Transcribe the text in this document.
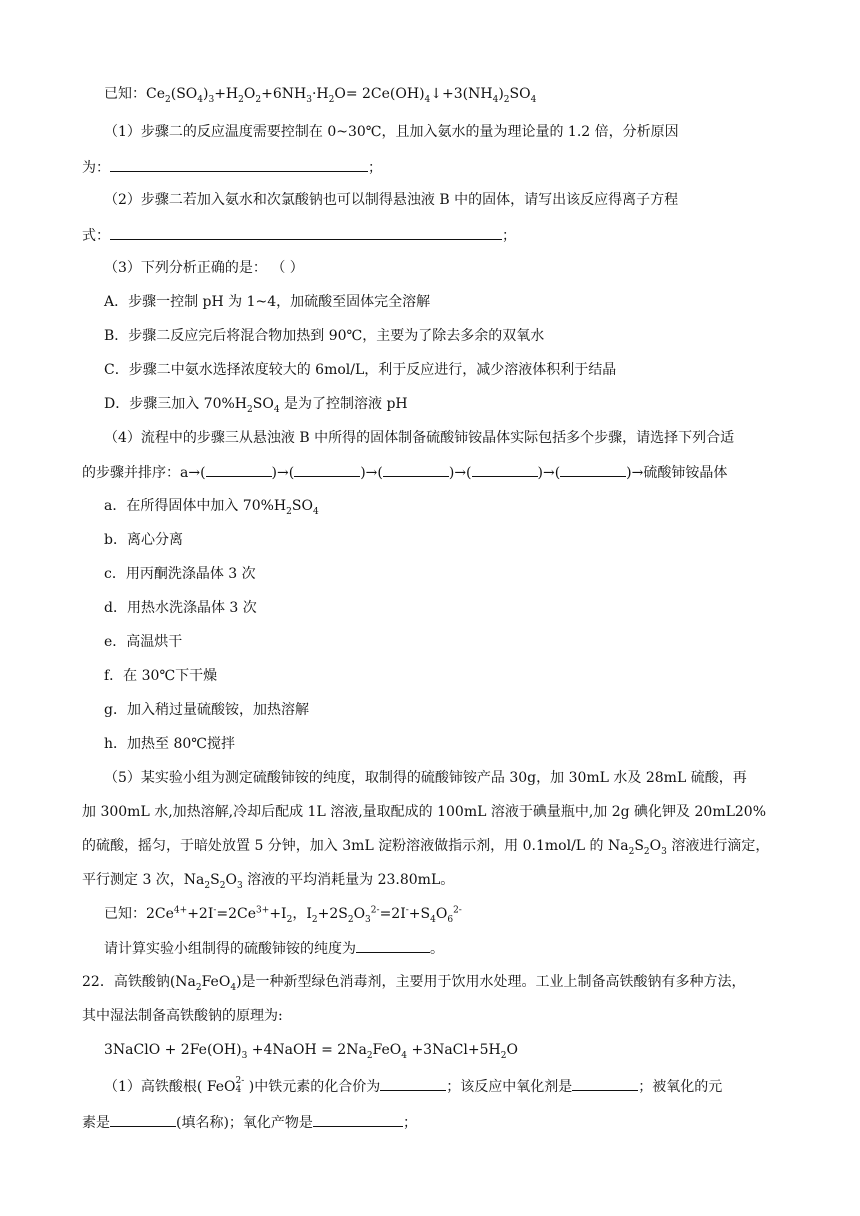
已知：$Ce_2(SO_4)_3+H_2O_2+6NH_3\cdot H_2O=$ $2Ce(OH)_4↓+3(NH_4)_2SO_4$
（1）步骤二的反应温度需要控制在 0~30℃，且加入氨水的量为理论量的 1.2 倍，分析原因
为：	；
（2）步骤二若加入氨水和次氯酸钠也可以制得悬浊液 B 中的固体，请写出该反应得离子方程
式：	；
（3）下列分析正确的是： （ ）
A．步骤一控制 pH 为 1~4，加硫酸至固体完全溶解
B．步骤二反应完后将混合物加热到 90℃，主要为了除去多余的双氧水
C．步骤二中氨水选择浓度较大的 6mol/L，利于反应进行，减少溶液体积利于结晶
D．步骤三加入 $70\%H_2SO_4$ 是为了控制溶液 pH
（4）流程中的步骤三从悬浊液 B 中所得的固体制备硫酸铈铵晶体实际包括多个步骤，请选择下列合适
的步骤并排序：a→(	)→(	)→(	)→(	)→(	)→硫酸铈铵晶体
a．在所得固体中加入 $70\%H_2SO_4$
b．离心分离
c．用丙酮洗涤晶体 3 次
d．用热水洗涤晶体 3 次
e．高温烘干
f．在 30℃下干燥
g．加入稍过量硫酸铵，加热溶解
h．加热至 80℃搅拌
（5）某实验小组为测定硫酸铈铵的纯度，取制得的硫酸铈铵产品 30g，加 30mL 水及 28mL 硫酸，再
加 300mL 水,加热溶解,冷却后配成 1L 溶液,量取配成的 100mL 溶液于碘量瓶中,加 2g 碘化钾及 20mL20%
的硫酸，摇匀，于暗处放置 5 分钟，加入 3mL 淀粉溶液做指示剂，用 0.1mol/L 的 $Na_2S_2O_3$ 溶液进行滴定，
平行测定 3 次，$Na_2S_2O_3$ 溶液的平均消耗量为 23.80mL。
已知：$2Ce^{4+}+2I^-=2Ce^{3+}+I_2$，$I_2+2S_2O_3^{2-}=2I^-+S_4O_6^{2-}$
请计算实验小组制得的硫酸铈铵的纯度为	。
22．高铁酸钠$(Na_2FeO_4)$是一种新型绿色消毒剂，主要用于饮用水处理。工业上制备高铁酸钠有多种方法，
其中湿法制备高铁酸钠的原理为:
3NaClO + $2Fe(OH)_3$ +4NaOH = $2Na_2FeO_4$ $+3NaCl+5H_2O$
（1）高铁酸根( FeO 2-
4 )中铁元素的化合价为	；该反应中氧化剂是	；被氧化的元
素是	(填名称)；氧化产物是	；
